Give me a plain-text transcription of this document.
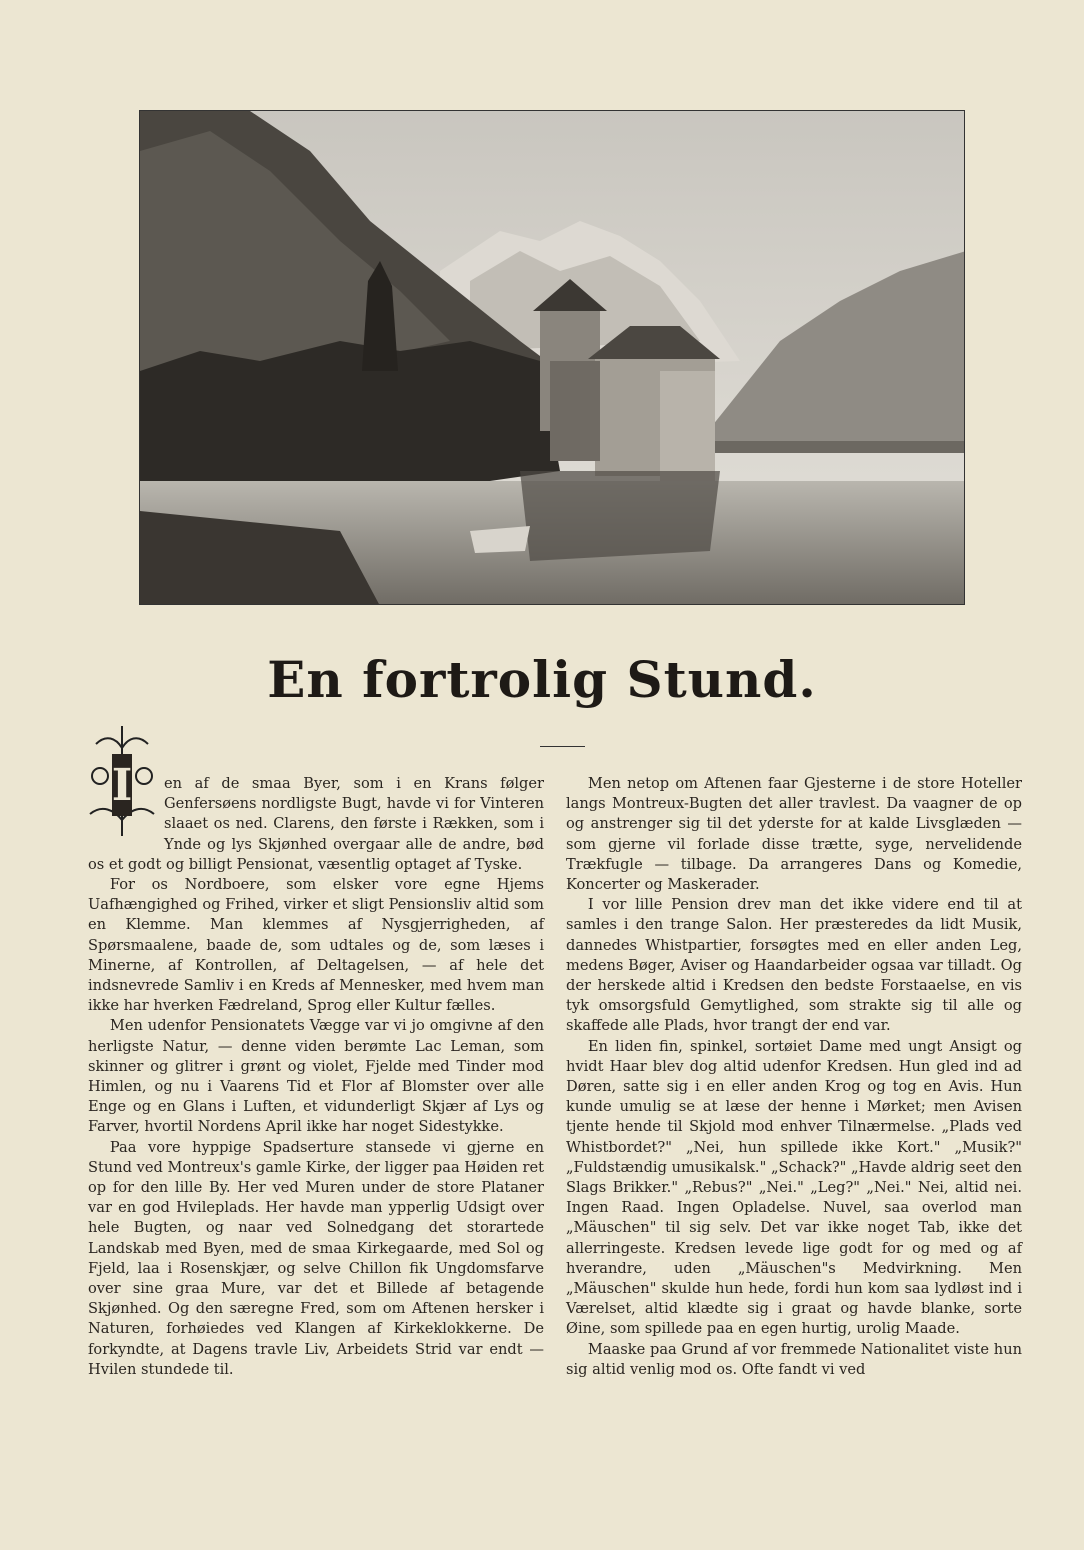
En fortrolig Stund.
I	en af de smaa Byer, som i en Krans følger Genfersøens nordligste Bugt, havde vi for Vinteren slaaet os ned. Clarens, den første i Rækken, som i Ynde og lys Skjønhed overgaar alle de andre, bød os et godt og billigt Pensionat, væsentlig optaget af Tyske.

For os Nordboere, som elsker vore egne Hjems Uafhængighed og Frihed, virker et sligt Pensionsliv altid som en Klemme. Man klemmes af Nysgjerrigheden, af Spørsmaalene, baade de, som udtales og de, som læses i Minerne, af Kontrollen, af Deltagelsen, — af hele det indsnevrede Samliv i en Kreds af Mennesker, med hvem man ikke har hverken Fædreland, Sprog eller Kultur fælles.

Men udenfor Pensionatets Vægge var vi jo omgivne af den herligste Natur, — denne viden berømte Lac Leman, som skinner og glitrer i grønt og violet, Fjelde med Tinder mod Himlen, og nu i Vaarens Tid et Flor af Blomster over alle Enge og en Glans i Luften, et vidunderligt Skjær af Lys og Farver, hvortil Nordens April ikke har noget Sidestykke.

Paa vore hyppige Spadserture stansede vi gjerne en Stund ved Montreux's gamle Kirke, der ligger paa Høiden ret op for den lille By. Her ved Muren under de store Plataner var en god Hvileplads. Her havde man ypperlig Udsigt over hele Bugten, og naar ved Solnedgang det storartede Landskab med Byen, med de smaa Kirkegaarde, med Sol og Fjeld, laa i Rosenskjær, og selve Chillon fik Ungdomsfarve over sine graa Mure, var det et Billede af betagende Skjønhed. Og den særegne Fred, som om Aftenen hersker i Naturen, forhøiedes ved Klangen af Kirkeklokkerne. De forkyndte, at Dagens travle Liv, Arbeidets Strid var endt — Hvilen stundede til.

Men netop om Aftenen faar Gjesterne i de store Hoteller langs Montreux-Bugten det aller travlest. Da vaagner de op og anstrenger sig til det yderste for at kalde Livsglæden — som gjerne vil forlade disse trætte, syge, nervelidende Trækfugle — tilbage. Da arrangeres Dans og Komedie, Koncerter og Maskerader.

I vor lille Pension drev man det ikke videre end til at samles i den trange Salon. Her præsteredes da lidt Musik, dannedes Whistpartier, forsøgtes med en eller anden Leg, medens Bøger, Aviser og Haandarbeider ogsaa var tilladt. Og der herskede altid i Kredsen den bedste Forstaaelse, en vis tyk omsorgsfuld Gemytlighed, som strakte sig til alle og skaffede alle Plads, hvor trangt der end var.

En liden fin, spinkel, sortøiet Dame med ungt Ansigt og hvidt Haar blev dog altid udenfor Kredsen. Hun gled ind ad Døren, satte sig i en eller anden Krog og tog en Avis. Hun kunde umulig se at læse der henne i Mørket; men Avisen tjente hende til Skjold mod enhver Tilnærmelse. „Plads ved Whistbordet?" „Nei, hun spillede ikke Kort." „Musik?" „Fuldstændig umusikalsk." „Schack?" „Havde aldrig seet den Slags Brikker." „Rebus?" „Nei." „Leg?" „Nei." Nei, altid nei. Ingen Raad. Ingen Opladelse. Nuvel, saa overlod man „Mäuschen" til sig selv. Det var ikke noget Tab, ikke det allerringeste. Kredsen levede lige godt for og med og af hverandre, uden „Mäuschen"s Medvirkning. Men „Mäuschen" skulde hun hede, fordi hun kom saa lydløst ind i Værelset, altid klædte sig i graat og havde blanke, sorte Øine, som spillede paa en egen hurtig, urolig Maade.

Maaske paa Grund af vor fremmede Nationalitet viste hun sig altid venlig mod os. Ofte fandt vi ved
